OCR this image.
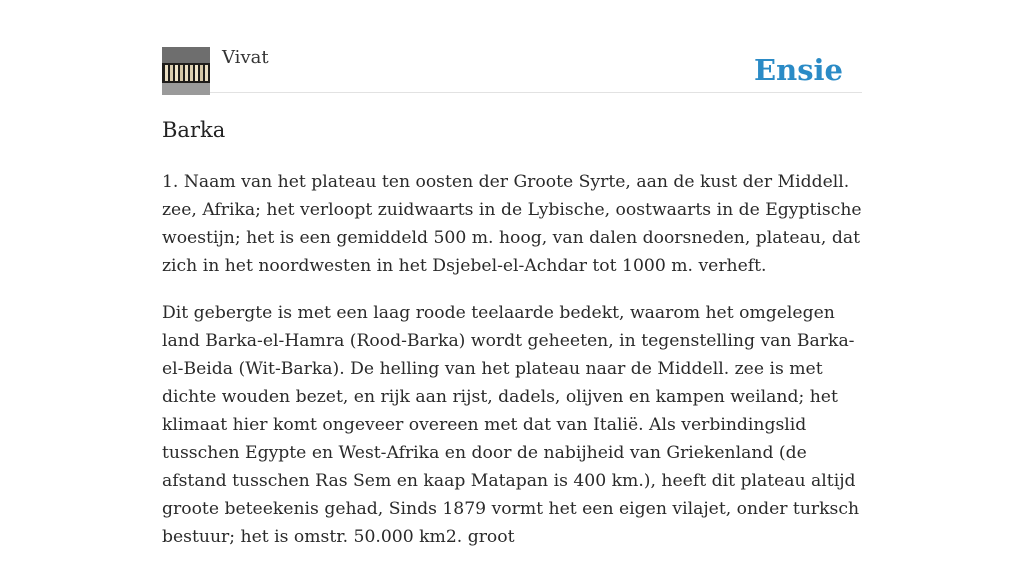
Vivat	Ensie
Barka

1. Naam van het plateau ten oosten der Groote Syrte, aan de kust der Middell. zee, Afrika; het verloopt zuidwaarts in de Lybische, oostwaarts in de Egyptische woestijn; het is een gemiddeld 500 m. hoog, van dalen doorsneden, plateau, dat zich in het noordwesten in het Dsjebel-el-Achdar tot 1000 m. verheft.

Dit gebergte is met een laag roode teelaarde bedekt, waarom het omgelegen land Barka-el-Hamra (Rood-Barka) wordt geheeten, in tegenstelling van Barka-el-Beida (Wit-Barka). De helling van het plateau naar de Middell. zee is met dichte wouden bezet, en rijk aan rijst, dadels, olijven en kampen weiland; het klimaat hier komt ongeveer overeen met dat van Italië. Als verbindingslid tusschen Egypte en West-Afrika en door de nabijheid van Griekenland (de afstand tusschen Ras Sem en kaap Matapan is 400 km.), heeft dit plateau altijd groote beteekenis gehad, Sinds 1879 vormt het een eigen vilajet, onder turksch bestuur; het is omstr. 50.000 km2. groot
